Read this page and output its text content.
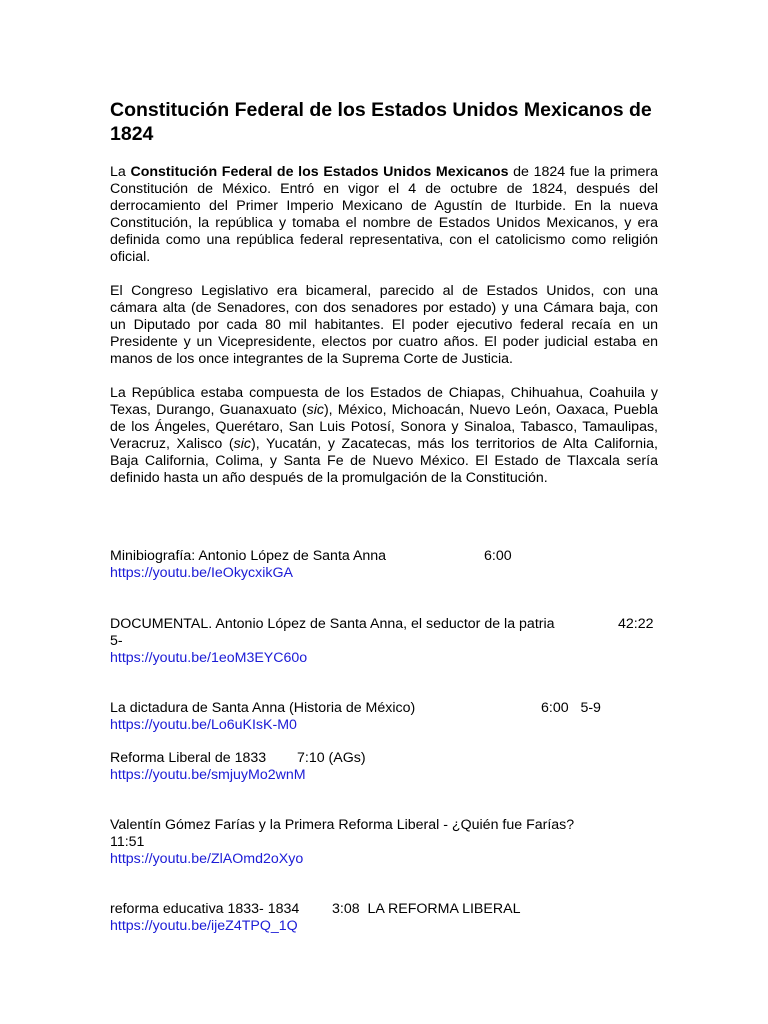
Constitución Federal de los Estados Unidos Mexicanos de 1824

La Constitución Federal de los Estados Unidos Mexicanos de 1824 fue la primera Constitución de México. Entró en vigor el 4 de octubre de 1824, después del derrocamiento del Primer Imperio Mexicano de Agustín de Iturbide. En la nueva Constitución, la república y tomaba el nombre de Estados Unidos Mexicanos, y era definida como una república federal representativa, con el catolicismo como religión oficial.

El Congreso Legislativo era bicameral, parecido al de Estados Unidos, con una cámara alta (de Senadores, con dos senadores por estado) y una Cámara baja, con un Diputado por cada 80 mil habitantes. El poder ejecutivo federal recaía en un Presidente y un Vicepresidente, electos por cuatro años. El poder judicial estaba en manos de los once integrantes de la Suprema Corte de Justicia.

La República estaba compuesta de los Estados de Chiapas, Chihuahua, Coahuila y Texas, Durango, Guanaxuato (sic), México, Michoacán, Nuevo León, Oaxaca, Puebla de los Ángeles, Querétaro, San Luis Potosí, Sonora y Sinaloa, Tabasco, Tamaulipas, Veracruz, Xalisco (sic), Yucatán, y Zacatecas, más los territorios de Alta California, Baja California, Colima, y Santa Fe de Nuevo México. El Estado de Tlaxcala sería definido hasta un año después de la promulgación de la Constitución.

Minibiografía: Antonio López de Santa Anna	6:00
https://youtu.be/IeOkycxikGA
DOCUMENTAL. Antonio López de Santa Anna, el seductor de la patria	42:22
5-
https://youtu.be/1eoM3EYC60o
La dictadura de Santa Anna (Historia de México)	6:00   5-9
https://youtu.be/Lo6uKIsK-M0
Reforma Liberal de 1833	7:10 (AGs)
https://youtu.be/smjuyMo2wnM
Valentín Gómez Farías y la Primera Reforma Liberal - ¿Quién fue Farías?
11:51
https://youtu.be/ZlAOmd2oXyo
reforma educativa 1833- 1834	3:08  LA REFORMA LIBERAL
https://youtu.be/ijeZ4TPQ_1Q
